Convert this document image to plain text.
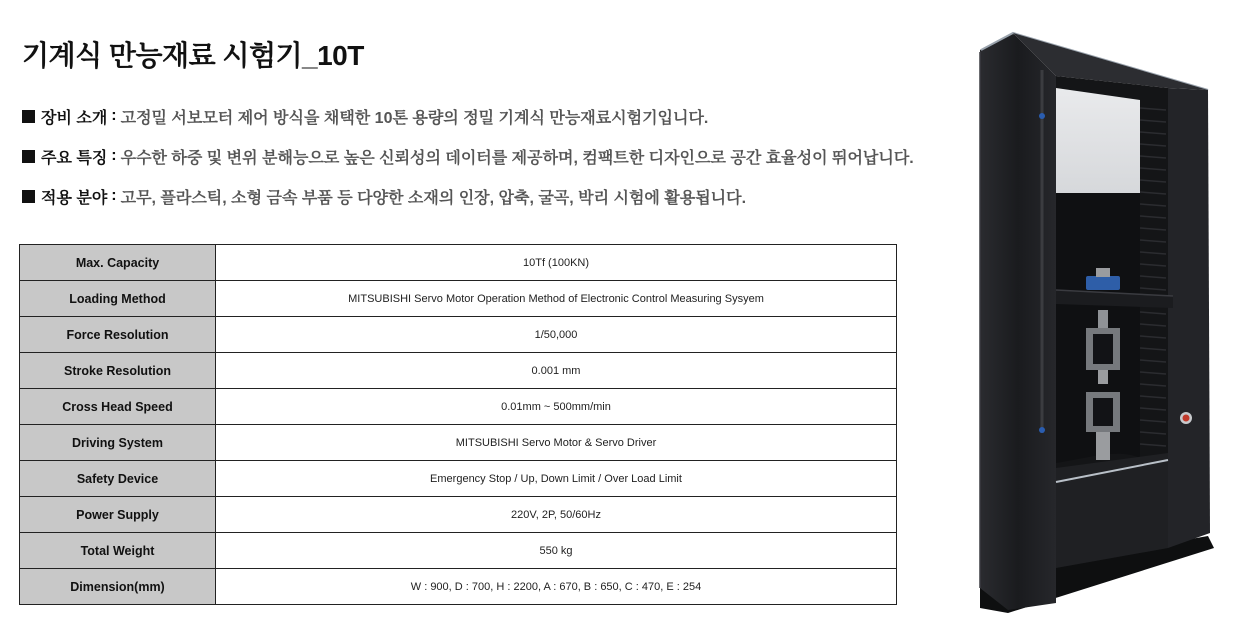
기계식 만능재료 시험기_10T
장비 소개 : 고정밀 서보모터 제어 방식을 채택한 10톤 용량의 정밀 기계식 만능재료시험기입니다.
주요 특징 : 우수한 하중 및 변위 분해능으로 높은 신뢰성의 데이터를 제공하며, 컴팩트한 디자인으로 공간 효율성이 뛰어납니다.
적용 분야 : 고무, 플라스틱, 소형 금속 부품 등 다양한 소재의 인장, 압축, 굴곡, 박리 시험에 활용됩니다.
Max. Capacity	10Tf (100KN)
Loading Method	MITSUBISHI Servo Motor Operation Method of Electronic Control Measuring Sysyem
Force Resolution	1/50,000
Stroke Resolution	0.001 mm
Cross Head Speed	0.01mm ~ 500mm/min
Driving System	MITSUBISHI Servo Motor & Servo Driver
Safety Device	Emergency Stop / Up, Down Limit / Over Load Limit
Power Supply	220V, 2P, 50/60Hz
Total Weight	550 kg
Dimension(mm)	W : 900, D : 700, H : 2200, A : 670, B : 650, C : 470, E : 254
